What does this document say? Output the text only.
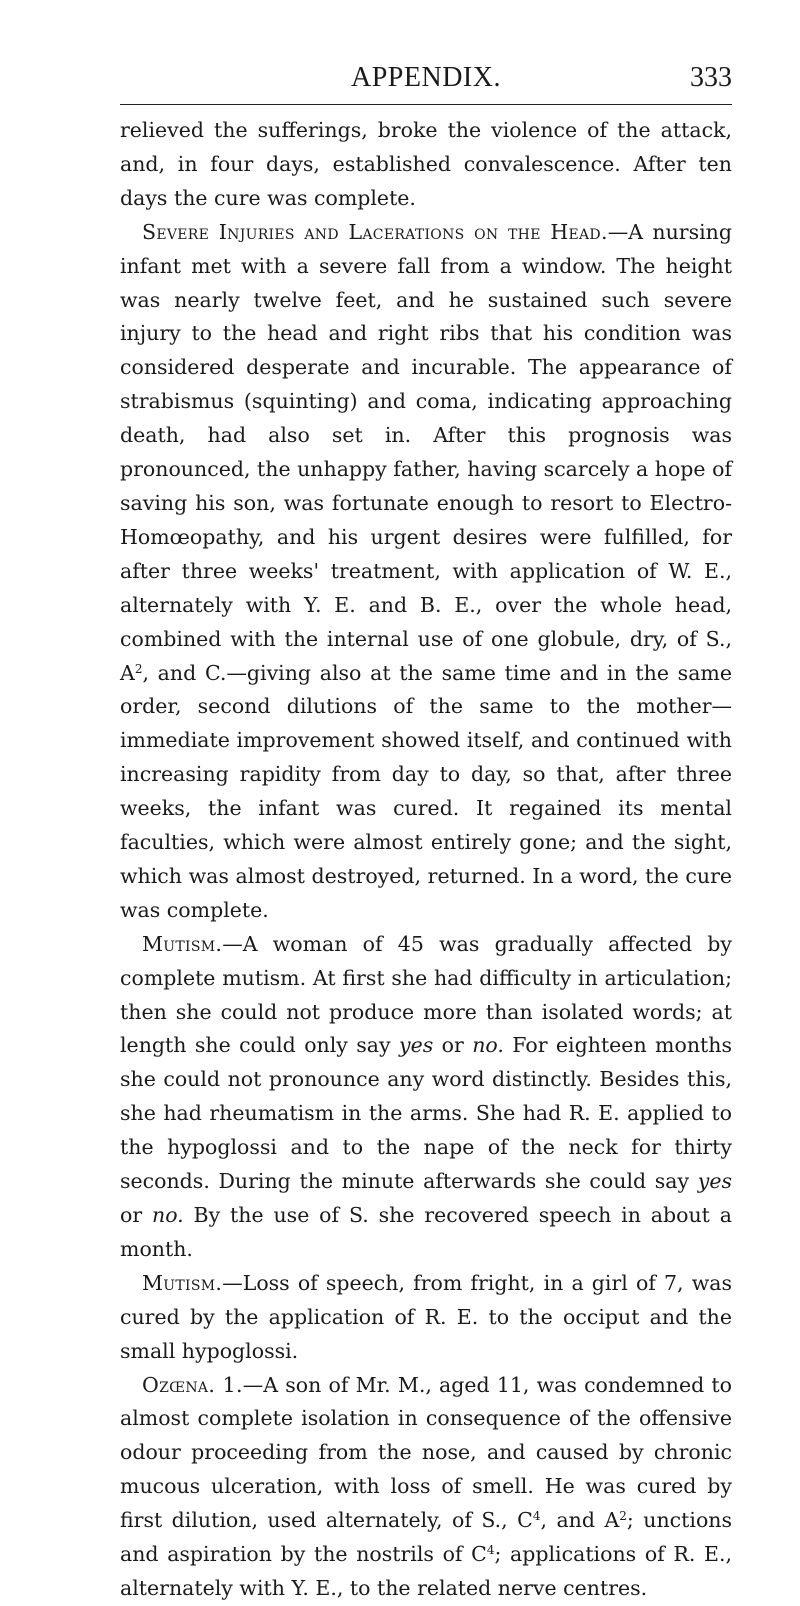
APPENDIX.	333

relieved the sufferings, broke the violence of the attack, and, in four days, established convalescence. After ten days the cure was complete.

Severe Injuries and Lacerations on the Head.—A nursing infant met with a severe fall from a window. The height was nearly twelve feet, and he sustained such severe injury to the head and right ribs that his condition was considered desperate and incurable. The appearance of strabismus (squinting) and coma, indicating approaching death, had also set in. After this prognosis was pronounced, the unhappy father, having scarcely a hope of saving his son, was fortunate enough to resort to Electro-Homœopathy, and his urgent desires were fulfilled, for after three weeks' treatment, with application of W. E., alternately with Y. E. and B. E., over the whole head, combined with the internal use of one globule, dry, of S., $A^2$, and C.—giving also at the same time and in the same order, second dilutions of the same to the mother—immediate improvement showed itself, and continued with increasing rapidity from day to day, so that, after three weeks, the infant was cured. It regained its mental faculties, which were almost entirely gone; and the sight, which was almost destroyed, returned. In a word, the cure was complete.

Mutism.—A woman of 45 was gradually affected by complete mutism. At first she had difficulty in articulation; then she could not produce more than isolated words; at length she could only say yes or no. For eighteen months she could not pronounce any word distinctly. Besides this, she had rheumatism in the arms. She had R. E. applied to the hypoglossi and to the nape of the neck for thirty seconds. During the minute afterwards she could say yes or no. By the use of S. she recovered speech in about a month.

Mutism.—Loss of speech, from fright, in a girl of 7, was cured by the application of R. E. to the occiput and the small hypoglossi.

Ozœna. 1.—A son of Mr. M., aged 11, was condemned to almost complete isolation in consequence of the offensive odour proceeding from the nose, and caused by chronic mucous ulceration, with loss of smell. He was cured by first dilution, used alternately, of S., $C^4$, and $A^2$; unctions and aspiration by the nostrils of $C^4$; applications of R. E., alternately with Y. E., to the related nerve centres.
